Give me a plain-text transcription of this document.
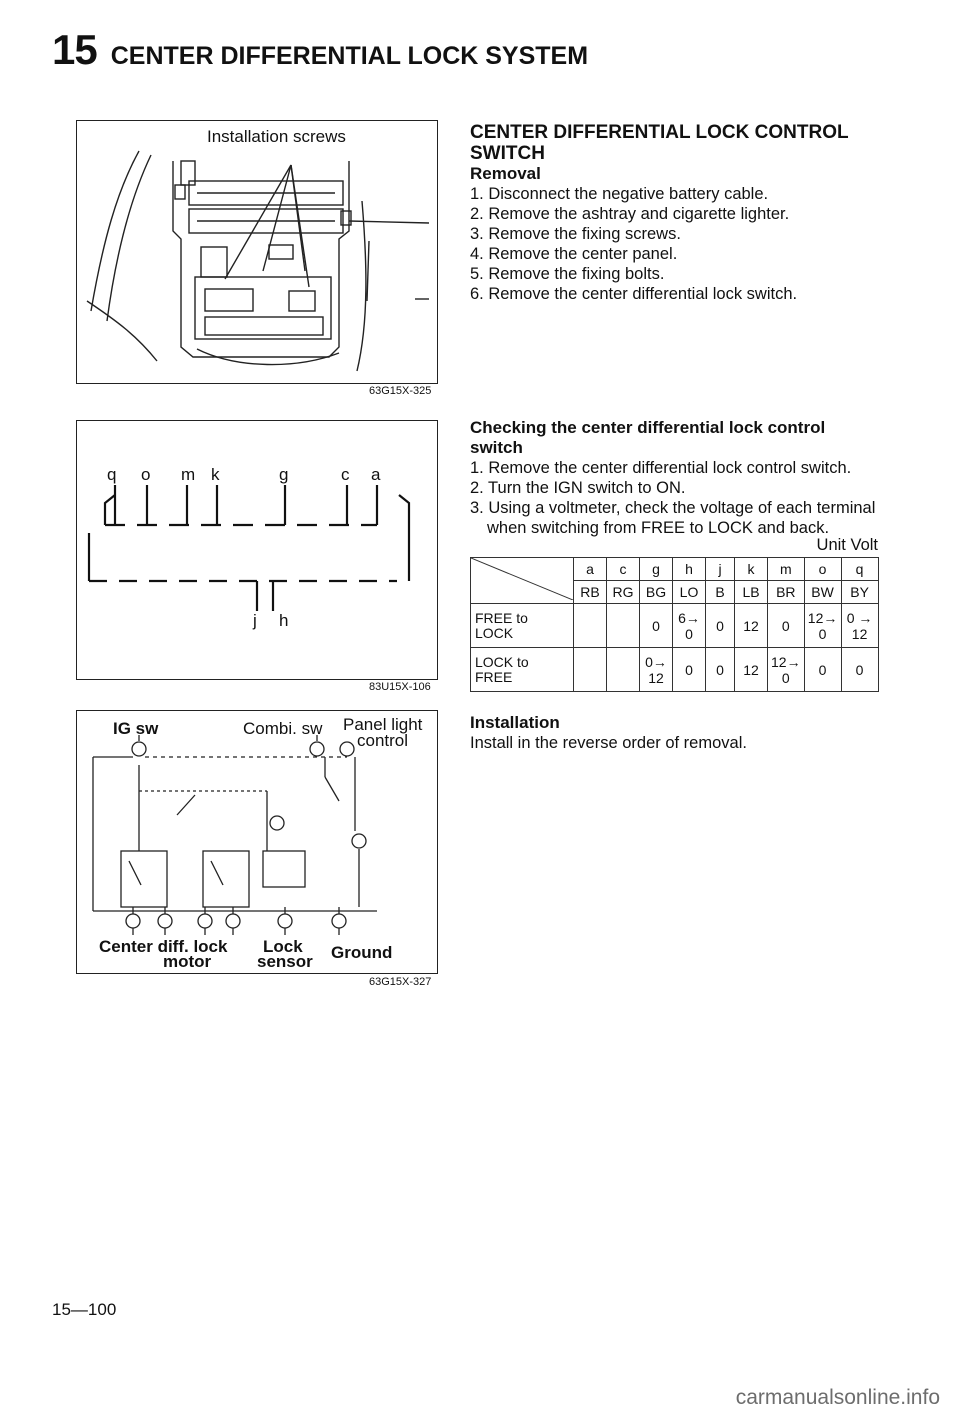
15 CENTER DIFFERENTIAL LOCK SYSTEM
Installation screws
63G15X-325
q o m k	g	c a
j h
83U15X-106
IG sw	Combi. sw Panel light
control
Center diff. lock
motor
Lock
sensor Ground
63G15X-327
CENTER DIFFERENTIAL LOCK CONTROL SWITCH
Removal
1. Disconnect the negative battery cable.
2. Remove the ashtray and cigarette lighter.
3. Remove the fixing screws.
4. Remove the center panel.
5. Remove the fixing bolts.
6. Remove the center differential lock switch.
Checking the center differential lock control switch
1. Remove the center differential lock control switch.
2. Turn the IGN switch to ON.
3. Using a voltmeter, check the voltage of each terminal when switching from FREE to LOCK and back.
Unit Volt
	a	c	g	h	j	k	m	o	q
	RB	RG	BG	LO	B	LB	BR	BW	BY

FREE to
LOCK			0	6→ 0	0	12	0	12→ 0	0 → 12

LOCK to
FREE			0→ 12	0	0	12	12→ 0	0	0
Installation
Install in the reverse order of removal.
15—100
carmanualsonline.info
